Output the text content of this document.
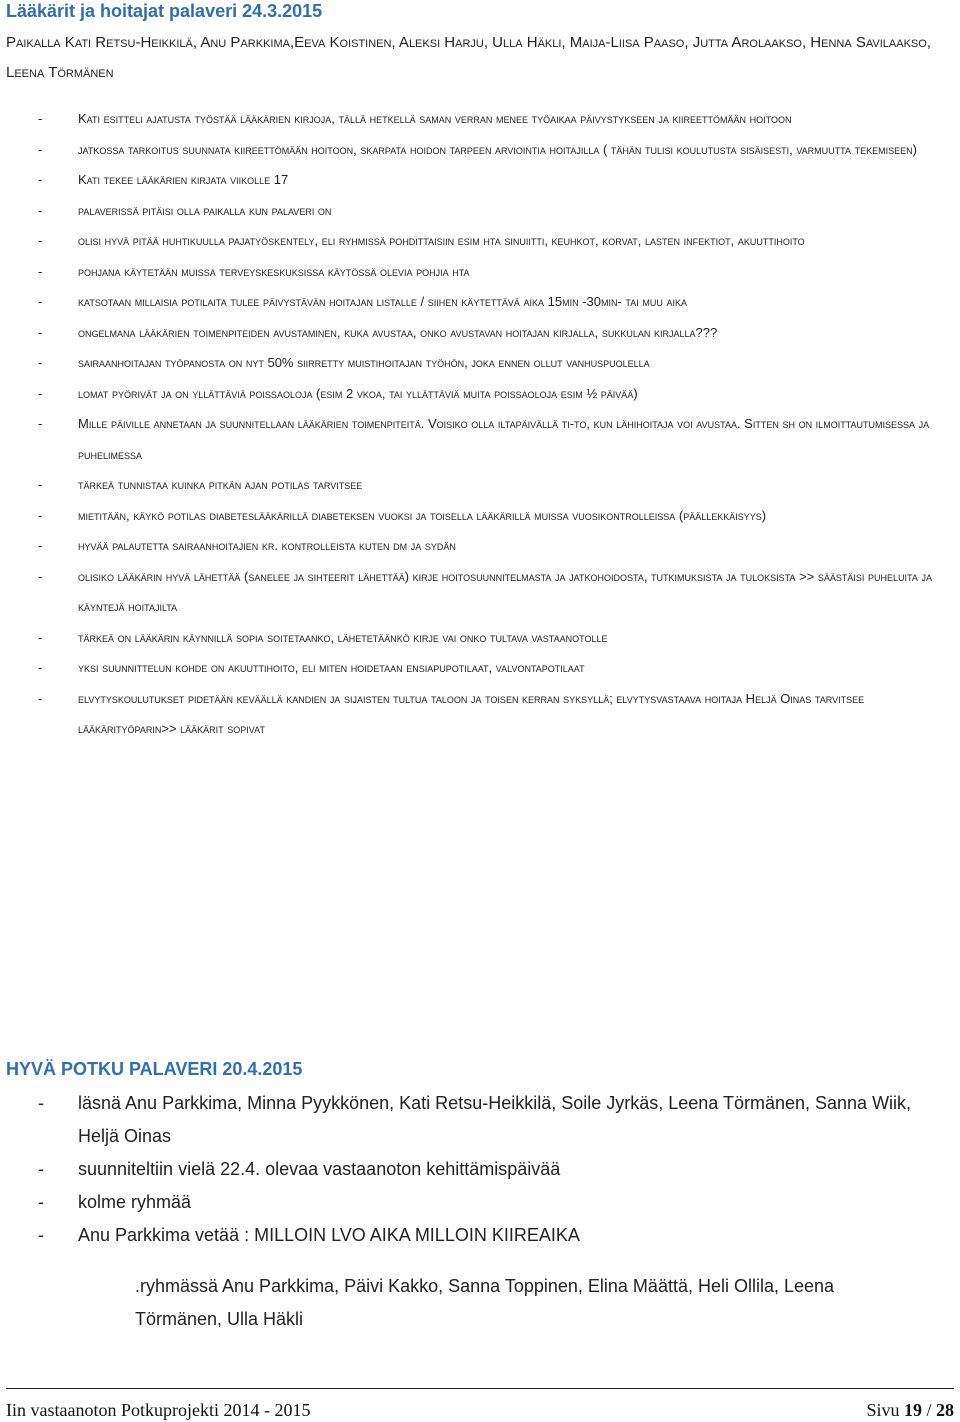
Lääkärit ja hoitajat palaveri 24.3.2015
Paikalla Kati Retsu-Heikkilä, Anu Parkkima,Eeva Koistinen, Aleksi Harju, Ulla Häkli, Maija-Liisa Paaso, Jutta Arolaakso, Henna Savilaakso, Leena Törmänen
-	Kati esitteli ajatusta työstää lääkärien kirjoja, tällä hetkellä saman verran menee työaikaa päivystykseen ja kiireettömään hoitoon
-	jatkossa tarkoitus suunnata kiireettömään hoitoon, skarpata hoidon tarpeen arviointia hoitajilla ( tähän tulisi koulutusta sisäisesti, varmuutta tekemiseen)
-	Kati tekee lääkärien kirjata viikolle 17
-	palaverissä pitäisi olla paikalla kun palaveri on
-	olisi hyvä pitää huhtikuulla pajatyöskentely, eli ryhmissä pohdittaisiin esim hta sinuiitti, keuhkot, korvat, lasten infektiot, akuuttihoito
-	pohjana käytetään muissa terveyskeskuksissa käytössä olevia pohjia hta
-	katsotaan millaisia potilaita tulee päivystävän hoitajan listalle / siihen käytettävä aika 15min -30min- tai muu aika
-	ongelmana lääkärien toimenpiteiden avustaminen, kuka avustaa, onko avustavan hoitajan kirjalla, sukkulan kirjalla???
-	sairaanhoitajan työpanosta on nyt 50% siirretty muistihoitajan työhön, joka ennen ollut vanhuspuolella
-	lomat pyörivät ja on yllättäviä poissaoloja (esim 2 vkoa, tai yllättäviä muita poissaoloja esim ½ päivää)
-	Mille päiville annetaan ja suunnitellaan lääkärien toimenpiteitä. Voisiko olla iltapäivällä ti-to, kun lähihoitaja voi avustaa. Sitten sh on ilmoittautumisessa ja puhelimessa
-	tärkeä tunnistaa kuinka pitkän ajan potilas tarvitsee
-	mietitään, käykö potilas diabeteslääkärillä diabeteksen vuoksi ja toisella lääkärillä muissa vuosikontrolleissa (päällekkäisyys)
-	hyvää palautetta sairaanhoitajien kr. kontrolleista kuten dm ja sydän
-	olisiko lääkärin hyvä lähettää (sanelee ja sihteerit lähettää) kirje hoitosuunnitelmasta ja jatkohoidosta, tutkimuksista ja tuloksista >> säästäisi puheluita ja käyntejä hoitajilta
-	tärkeä on lääkärin käynnillä sopia soitetaanko, lähetetäänkö kirje vai onko tultava vastaanotolle
-	yksi suunnittelun kohde on akuuttihoito, eli miten hoidetaan ensiapupotilaat, valvontapotilaat
-	elvytyskoulutukset pidetään keväällä kandien ja sijaisten tultua taloon ja toisen kerran syksyllä; elvytysvastaava hoitaja Heljä Oinas tarvitsee lääkärityöparin>> lääkärit sopivat
HYVÄ POTKU PALAVERI 20.4.2015
- läsnä Anu Parkkima, Minna Pyykkönen, Kati Retsu-Heikkilä, Soile Jyrkäs, Leena Törmänen, Sanna Wiik, Heljä Oinas
- suunniteltiin vielä 22.4. olevaa vastaanoton kehittämispäivää
- kolme ryhmää
- Anu Parkkima vetää : MILLOIN LVO AIKA MILLOIN KIIREAIKA
.ryhmässä Anu Parkkima, Päivi Kakko, Sanna Toppinen, Elina Määttä, Heli Ollila, Leena Törmänen, Ulla Häkli
Iin vastaanoton Potkuprojekti 2014 - 2015	Sivu 19 / 28
